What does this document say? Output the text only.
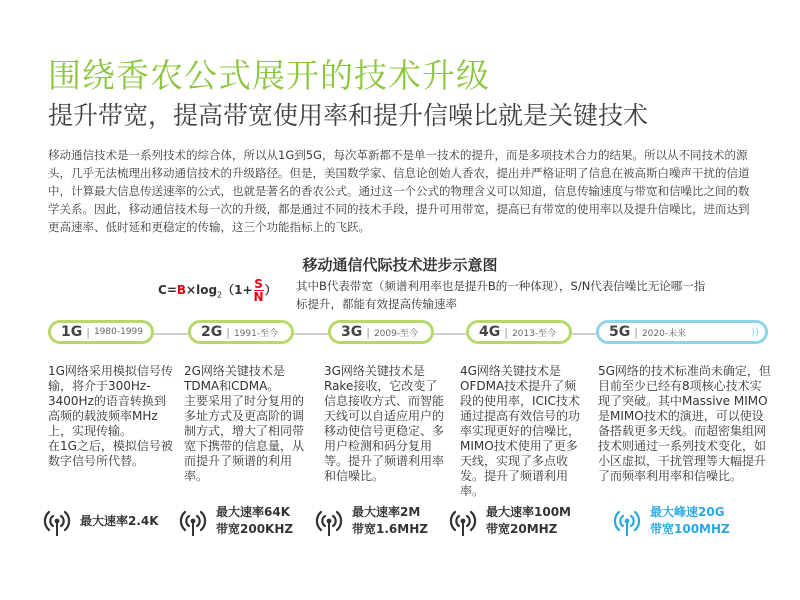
围绕香农公式展开的技术升级
提升带宽，提高带宽使用率和提升信噪比就是关键技术
移动通信技术是一系列技术的综合体，所以从1G到5G，每次革新都不是单一技术的提升，而是多项技术合力的结果。所以从不同技术的源头，几乎无法梳理出移动通信技术的升级路径。但是，美国数学家、信息论创始人香农，提出并严格证明了信息在被高斯白噪声干扰的信道中，计算最大信息传送速率的公式，也就是著名的香农公式。通过这一个公式的物理含义可以知道，信息传输速度与带宽和信噪比之间的数学关系。因此，移动通信技术每一次的升级，都是通过不同的技术手段，提升可用带宽，提高已有带宽的使用率以及提升信噪比，进而达到更高速率、低时延和更稳定的传输，这三个功能指标上的飞跃。
移动通信代际技术进步示意图
$C=B\times\log_2(1+ \frac{S}{N}$ ） 其中B代表带宽（频谱利用率也是提升B的一种体现），S/N代表信噪比无论哪一指标提升，都能有效提高传输速率
1G | 1980-1999	2G | 1991-至今	3G | 2009-至今	4G | 2013-至今	5G | 2020-未来	))
1G网络采用模拟信号传输，将介于300Hz-3400Hz的语音转换到高频的载波频率MHz上，实现传输。
在1G之后，模拟信号被数字信号所代替。
2G网络关键技术是TDMA和CDMA。
主要采用了时分复用的多址方式及更高阶的调制方式，增大了相同带宽下携带的信息量，从而提升了频谱的利用率。
3G网络关键技术是Rake接收，它改变了信息接收方式、而智能天线可以自适应用户的移动使信号更稳定、多用户检测和码分复用等。提升了频谱利用率和信噪比。
4G网络关键技术是OFDMA技术提升了频段的使用率，ICIC技术通过提高有效信号的功率实现更好的信噪比，MIMO技术使用了更多天线，实现了多点收发。提升了频谱利用率。
5G网络的技术标准尚未确定，但目前至少已经有8项核心技术实现了突破。其中Massive MIMO是MIMO技术的演进，可以使设备搭载更多天线。而超密集组网技术则通过一系列技术变化，如小区虚拟，干扰管理等大幅提升了而频率利用率和信噪比。
最大速率2.4K
最大速率64K
带宽200KHZ
最大速率2M
带宽1.6MHZ
最大速率100M
带宽20MHZ
最大峰速20G
带宽100MHZ
